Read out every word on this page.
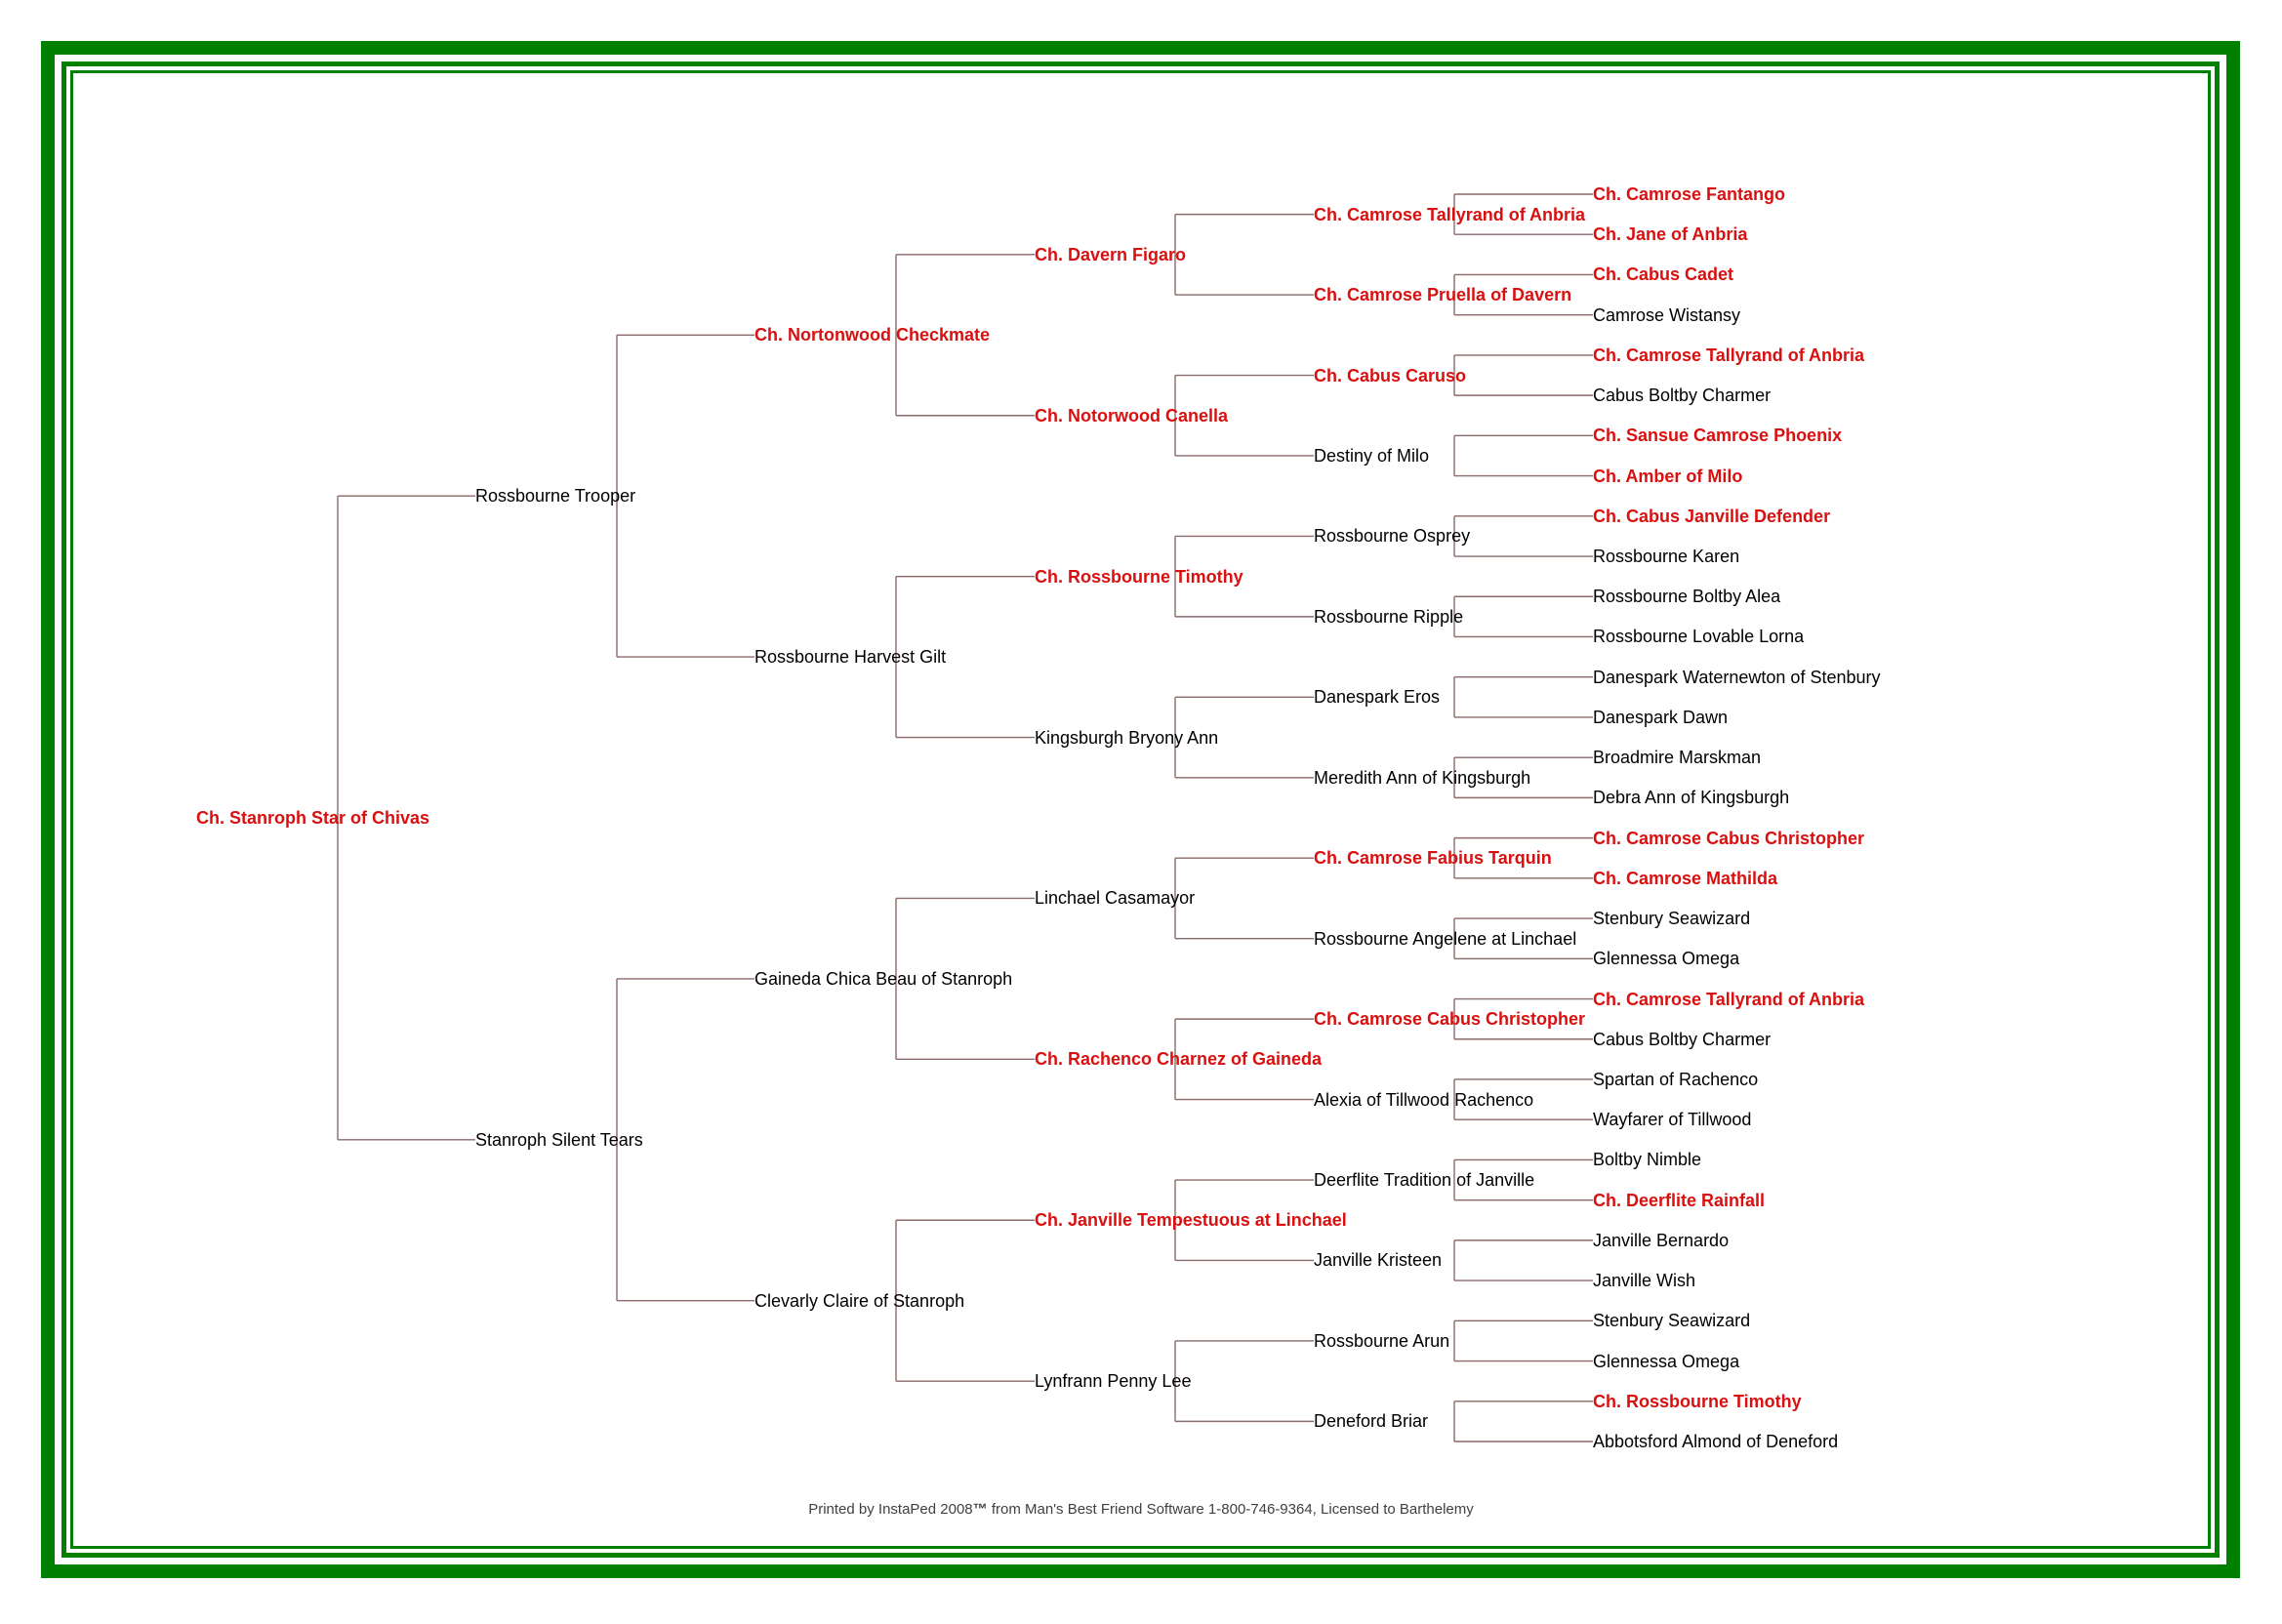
Ch. Stanroph Star of Chivas
Rossbourne Trooper
Stanroph Silent Tears
Ch. Nortonwood Checkmate
Rossbourne Harvest Gilt
Gaineda Chica Beau of Stanroph
Clevarly Claire of Stanroph
Ch. Davern Figaro
Ch. Notorwood Canella
Ch. Rossbourne Timothy
Kingsburgh Bryony Ann
Linchael Casamayor
Ch. Rachenco Charnez of Gaineda
Ch. Janville Tempestuous at Linchael
Lynfrann Penny Lee
Ch. Camrose Tallyrand of Anbria
Ch. Camrose Pruella of Davern
Ch. Cabus Caruso
Destiny of Milo
Rossbourne Osprey
Rossbourne Ripple
Danespark Eros
Meredith Ann of Kingsburgh
Ch. Camrose Fabius Tarquin
Rossbourne Angelene at Linchael
Ch. Camrose Cabus Christopher
Alexia of Tillwood Rachenco
Deerflite Tradition of Janville
Janville Kristeen
Rossbourne Arun
Deneford Briar
Ch. Camrose Fantango
Ch. Jane of Anbria
Ch. Cabus Cadet
Camrose Wistansy
Ch. Camrose Tallyrand of Anbria
Cabus Boltby Charmer
Ch. Sansue Camrose Phoenix
Ch. Amber of Milo
Ch. Cabus Janville Defender
Rossbourne Karen
Rossbourne Boltby Alea
Rossbourne Lovable Lorna
Danespark Waternewton of Stenbury
Danespark Dawn
Broadmire Marskman
Debra Ann of Kingsburgh
Ch. Camrose Cabus Christopher
Ch. Camrose Mathilda
Stenbury Seawizard
Glennessa Omega
Ch. Camrose Tallyrand of Anbria
Cabus Boltby Charmer
Spartan of Rachenco
Wayfarer of Tillwood
Boltby Nimble
Ch. Deerflite Rainfall
Janville Bernardo
Janville Wish
Stenbury Seawizard
Glennessa Omega
Ch. Rossbourne Timothy
Abbotsford Almond of Deneford
Printed by InstaPed 2008™ from Man's Best Friend Software 1-800-746-9364, Licensed to Barthelemy
